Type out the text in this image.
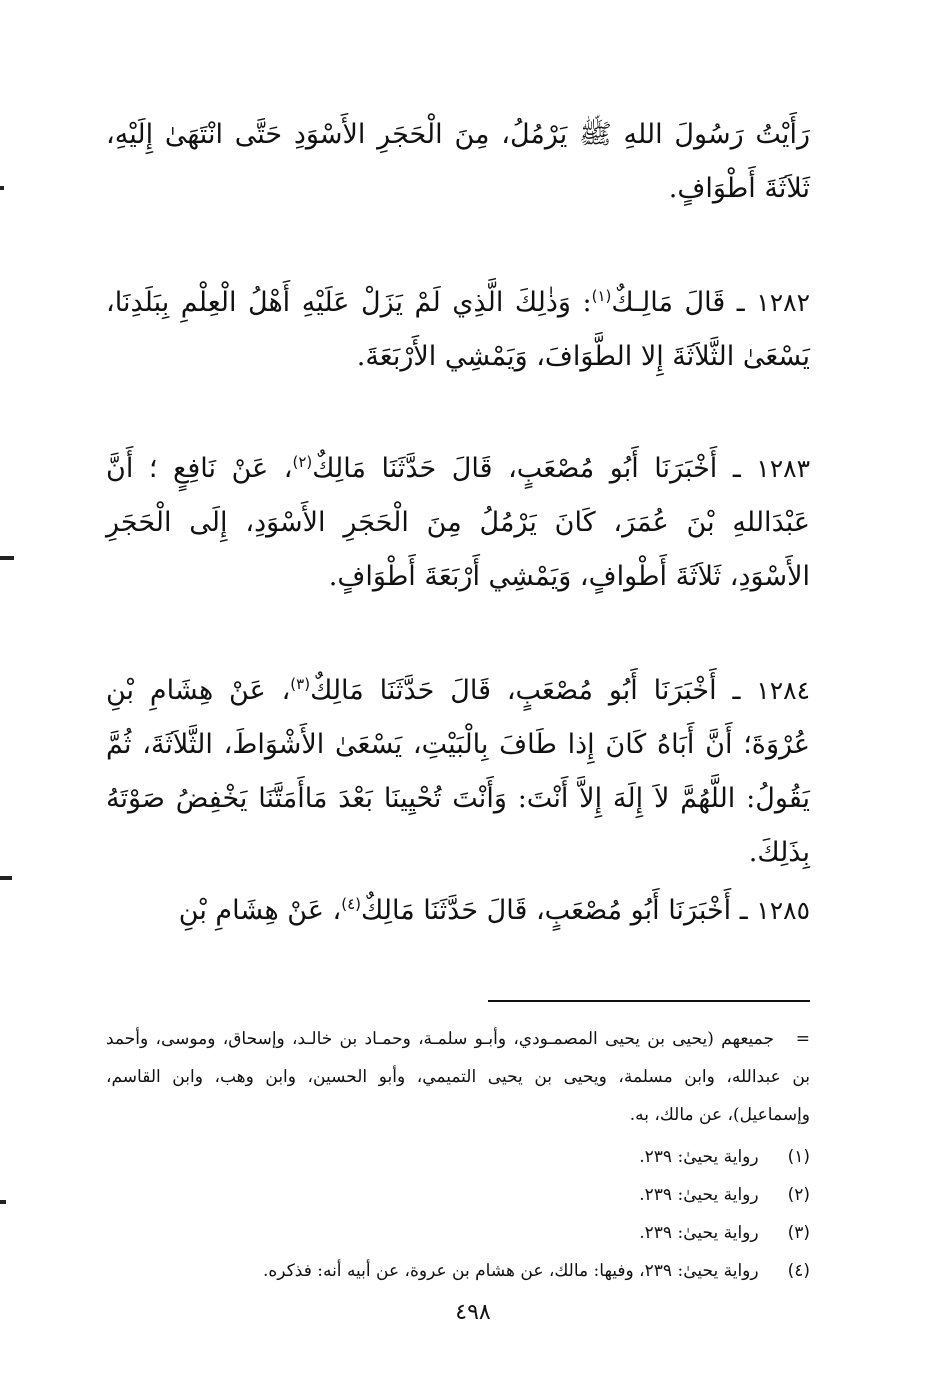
رَأَيْتُ رَسُولَ اللهِ ﷺ يَرْمُلُ، مِنَ الْحَجَرِ الأَسْوَدِ حَتَّى انْتَهَىٰ إِلَيْهِ، ثَلاَثَةَ أَطْوَافٍ.

١٢٨٢ ـ قَالَ مَالِـكٌ$^{(١)}$: وَذٰلِكَ الَّذِي لَمْ يَزَلْ عَلَيْهِ أَهْلُ الْعِلْمِ بِبَلَدِنَا، يَسْعَىٰ الثَّلاَثَةَ إِلا الطَّوَافَ، وَيَمْشِي الأَرْبَعَةَ.

١٢٨٣ ـ أَخْبَرَنَا أَبُو مُصْعَبٍ، قَالَ حَدَّثَنَا مَالِكٌ$^{(٢)}$، عَنْ نَافِعٍ ؛ أَنَّ عَبْدَاللهِ بْنَ عُمَرَ، كَانَ يَرْمُلُ مِنَ الْحَجَرِ الأَسْوَدِ، إِلَى الْحَجَرِ الأَسْوَدِ، ثَلاَثَةَ أَطْوافٍ، وَيَمْشِي أَرْبَعَةَ أَطْوَافٍ.

١٢٨٤ ـ أَخْبَرَنَا أَبُو مُصْعَبٍ، قَالَ حَدَّثَنَا مَالِكٌ$^{(٣)}$، عَنْ هِشَامِ بْنِ عُرْوَةَ؛ أَنَّ أَبَاهُ كَانَ إِذا طَافَ بِالْبَيْتِ، يَسْعَىٰ الأَشْوَاطَ، الثَّلاَثَةَ، ثُمَّ يَقُولُ: اللَّهُمَّ لاَ إِلَهَ إِلاَّ أَنْتَ: وَأَنْتَ تُحْيِينَا بَعْدَ مَاأَمَتَّنَا يَخْفِضُ صَوْتَهُ بِذَلِكَ.

١٢٨٥ ـ أَخْبَرَنَا أَبُو مُصْعَبٍ، قَالَ حَدَّثَنَا مَالِكٌ$^{(٤)}$، عَنْ هِشَامِ بْنِ

=
جميعهم (يحيى بن يحيى المصمـودي، وأبـو سلمـة، وحمـاد بن خالـد، وإسحاق، وموسى، وأحمد بن عبدالله، وابن مسلمة، ويحيى بن يحيى التميمي، وأبو الحسين، وابن وهب، وابن القاسم، وإسماعيل)، عن مالك، به.
(١) رواية يحيىٰ: ٢٣٩.
(٢) رواية يحيىٰ: ٢٣٩.
(٣) رواية يحيىٰ: ٢٣٩.
(٤) رواية يحيىٰ: ٢٣٩، وفيها: مالك، عن هشام بن عروة، عن أبيه أنه: فذكره.
٤٩٨
